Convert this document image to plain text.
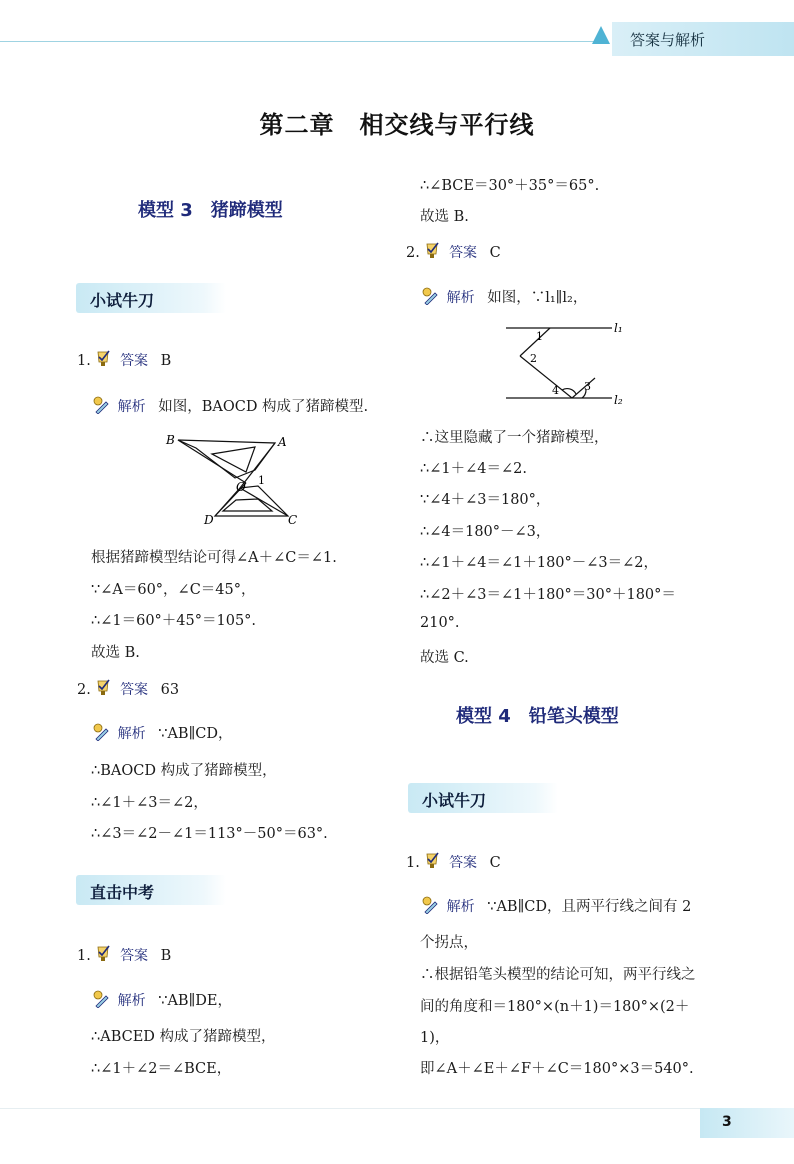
答案与解析
第二章　相交线与平行线
模型 3　猪蹄模型
小试牛刀
1. 答案 B
解析 如图，BAOCD 构成了猪蹄模型.
B	A
O 1
D	C
根据猪蹄模型结论可得∠A＋∠C＝∠1.
∵∠A＝60°，∠C＝45°，
∴∠1＝60°＋45°＝105°.
故选 B.
2. 答案 63
解析 ∵AB∥CD，
∴BAOCD 构成了猪蹄模型，
∴∠1＋∠3＝∠2，
∴∠3＝∠2－∠1＝113°－50°＝63°.
直击中考
1. 答案 B
解析 ∵AB∥DE，
∴ABCED 构成了猪蹄模型，
∴∠1＋∠2＝∠BCE，
∴∠BCE＝30°＋35°＝65°.
故选 B.
2. 答案 C
解析 如图，∵l₁∥l₂，
l₁
l₂
1
2
3
4
∴这里隐藏了一个猪蹄模型，
∴∠1＋∠4＝∠2.
∵∠4＋∠3＝180°，
∴∠4＝180°－∠3，
∴∠1＋∠4＝∠1＋180°－∠3＝∠2，
∴∠2＋∠3＝∠1＋180°＝30°＋180°＝
210°.
故选 C.
模型 4　铅笔头模型
小试牛刀
1. 答案 C
解析 ∵AB∥CD，且两平行线之间有 2
个拐点，
∴根据铅笔头模型的结论可知，两平行线之
间的角度和＝180°×(n＋1)＝180°×(2＋
1)，
即∠A＋∠E＋∠F＋∠C＝180°×3＝540°.
3
